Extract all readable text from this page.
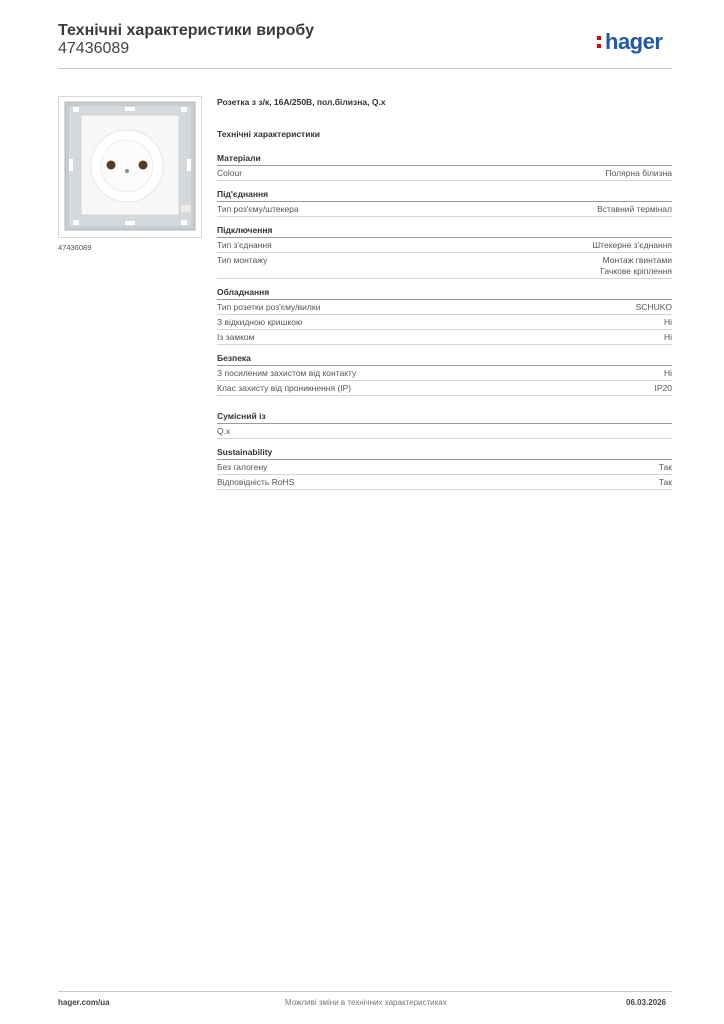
Технічні характеристики виробу
47436089	hager
47436089
Розетка з з/к, 16А/250В, пол.білизна, Q.x
Технічні характеристики
Матеріали
Colour	Полярна білизна
Під'єднання
Тип роз'єму/штекера	Вставний термінал
Підключення
Тип з'єднання	Штекерне з'єднання
Тип монтажу	Монтаж гвинтами
Гачкове кріплення
Обладнання
Тип розетки роз'єму/вилки	SCHUKO
З відкидною кришкою	Ні
Із замком	Ні
Безпека
З посиленим захистом від контакту	Ні
Клас захисту від проникнення (IP)	IP20
Сумісний із
Q.x
Sustainability
Без галогену	Так
Відповідність RoHS	Так
hager.com/ua	Можливі зміни в технічних характеристиках	06.03.2026
